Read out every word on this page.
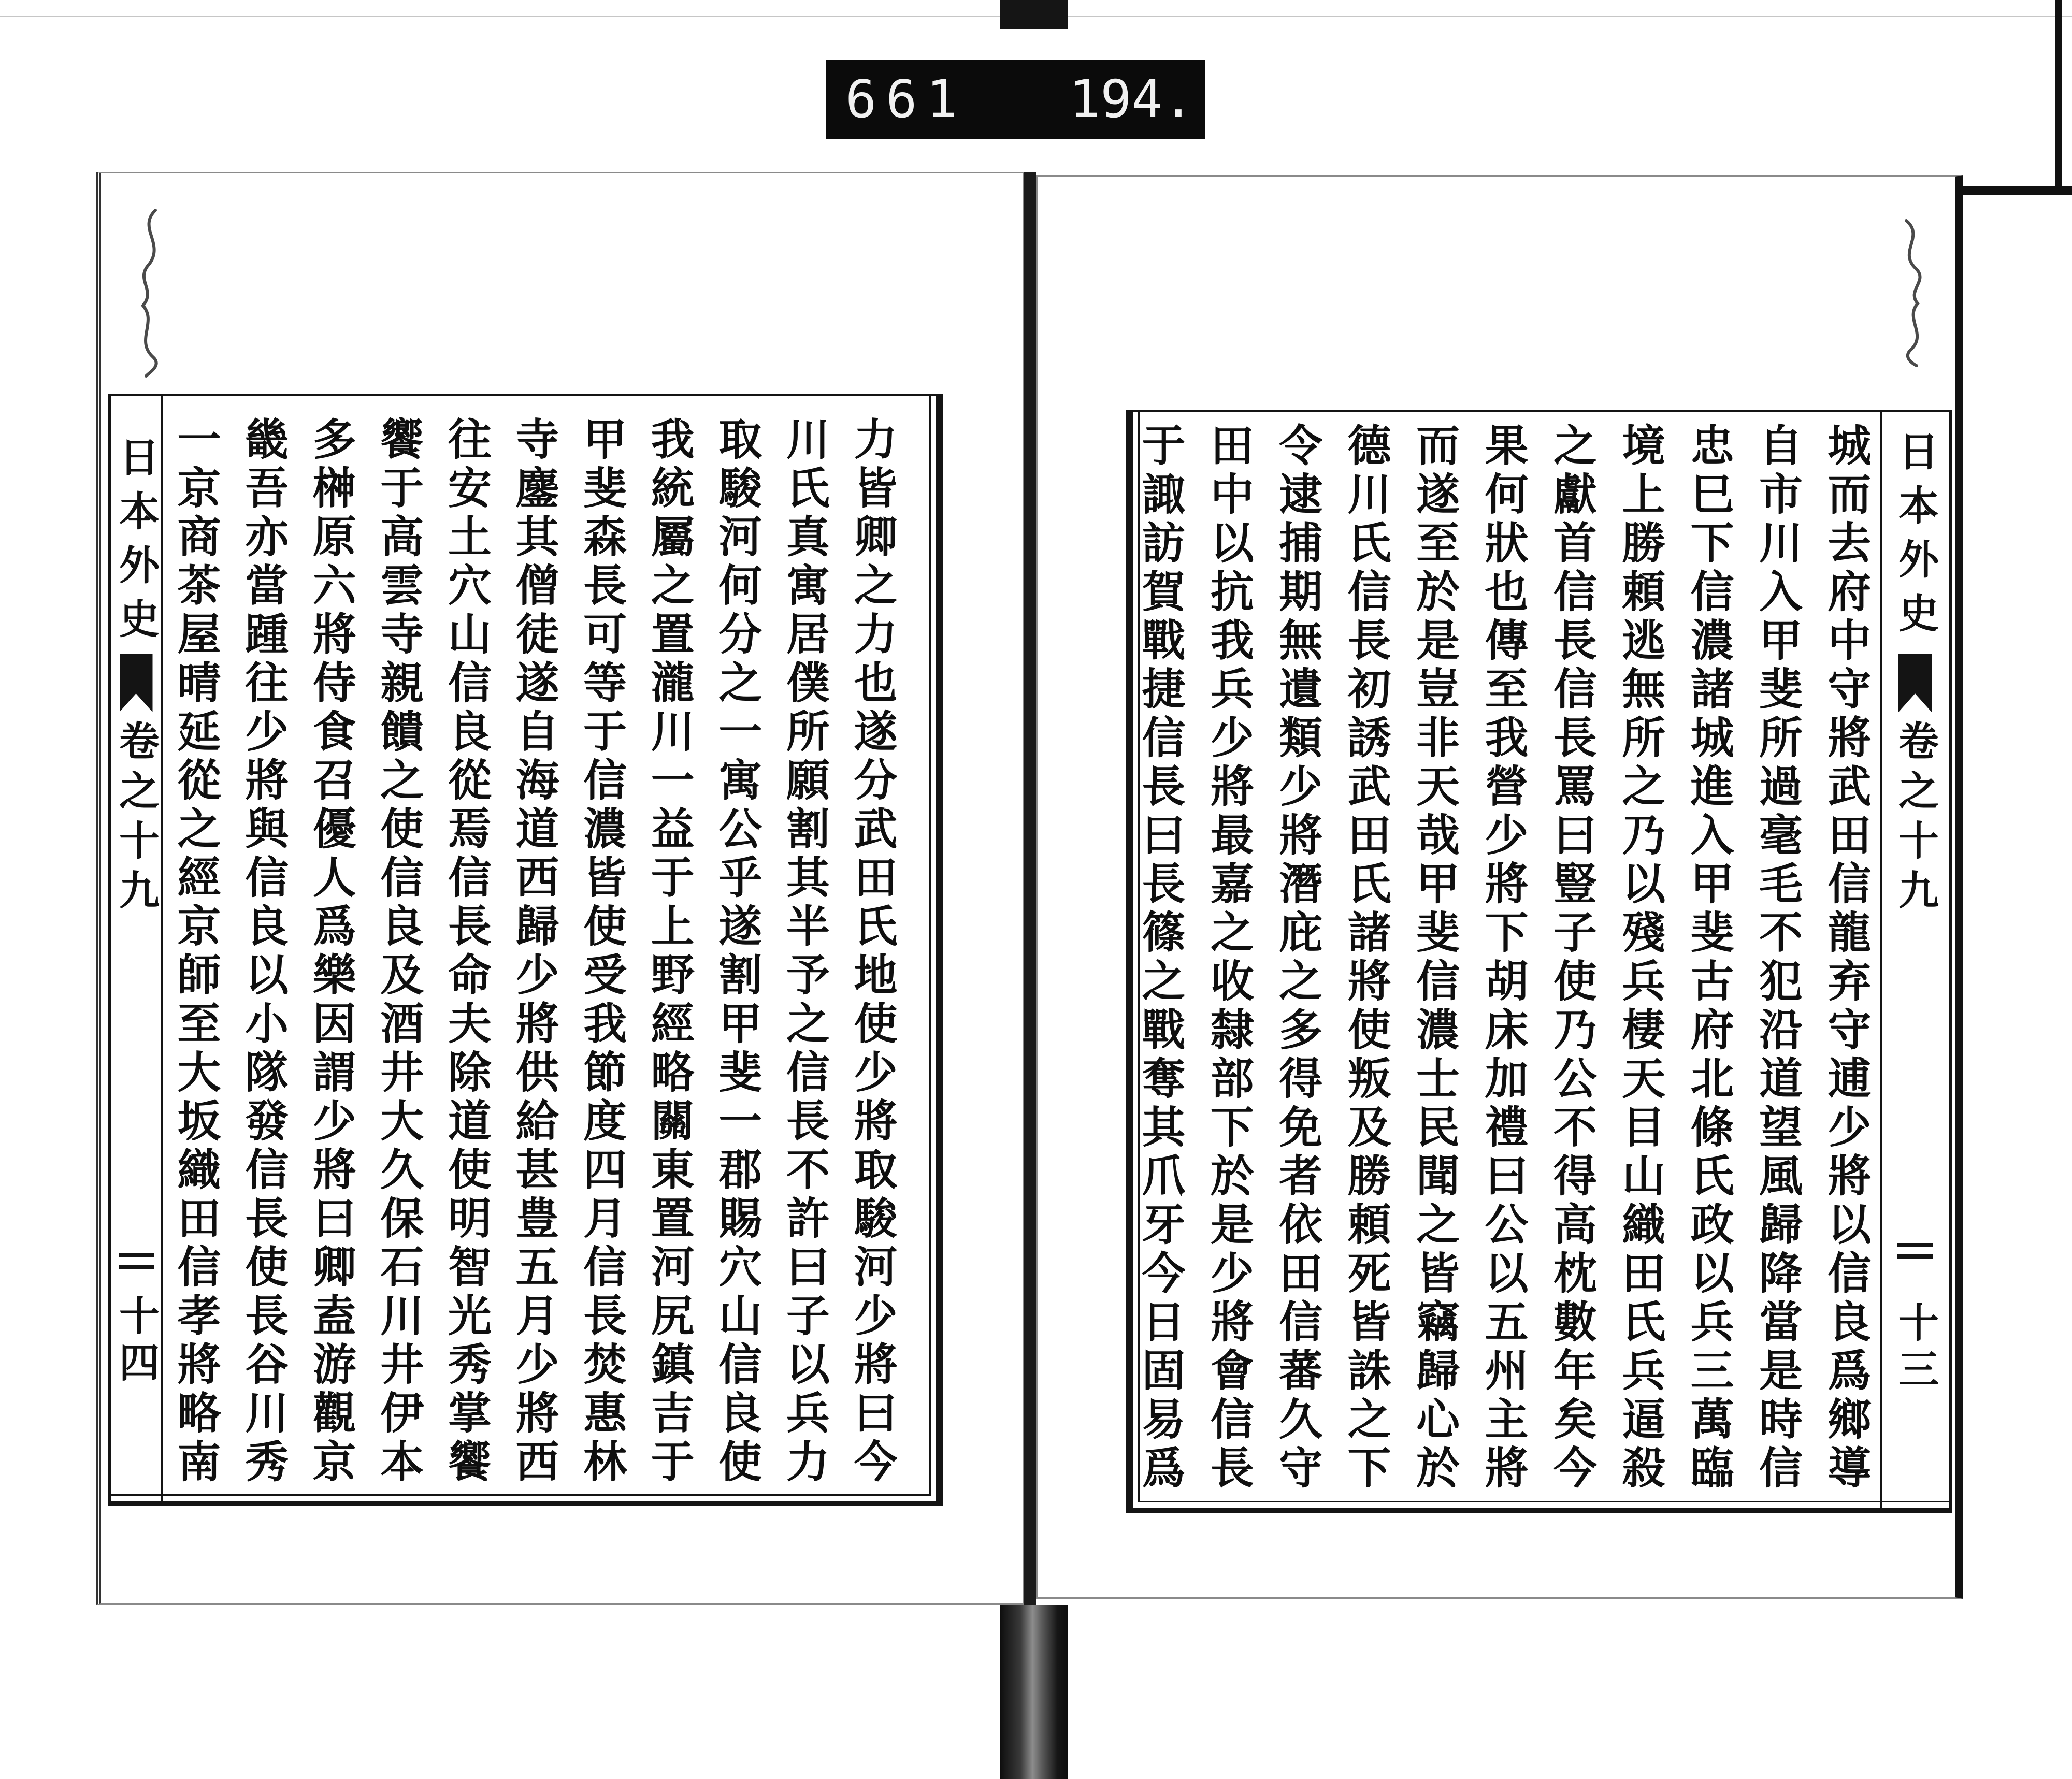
661 194.
日本外史
卷之十九
十四	力皆卿之力也遂分武田氏地使少將取駿河少將曰今
川氏真寓居僕所願割其半予之信長不許曰子以兵力
取駿河何分之一寓公乎遂割甲斐一郡賜穴山信良使
我統屬之置瀧川一益于上野經略關東置河尻鎮吉于
甲斐森長可等于信濃皆使受我節度四月信長焚惠林
寺鏖其僧徒遂自海道西歸少將供給甚豊五月少將西
往安土穴山信良從焉信長命夫除道使明智光秀掌饗
饗于高雲寺親饋之使信良及酒井大久保石川井伊本
多榊原六將侍食召優人爲樂因謂少將曰卿盍游觀京
畿吾亦當踵往少將與信良以小隊發信長使長谷川秀
一京商茶屋晴延從之經京師至大坂織田信孝將略南	日本外史
卷之十九
十三
城而去府中守將武田信龍弃守逋少將以信良爲鄉導
自市川入甲斐所過毫毛不犯沿道望風歸降當是時信
忠巳下信濃諸城進入甲斐古府北條氏政以兵三萬臨
境上勝頼逃無所之乃以殘兵棲天目山織田氏兵逼殺
之獻首信長信長罵曰豎子使乃公不得高枕數年矣今
果何狀也傳至我營少將下胡床加禮曰公以五州主將
而遂至於是豈非天哉甲斐信濃士民聞之皆竊歸心於
德川氏信長初誘武田氏諸將使叛及勝頼死皆誅之下
令逮捕期無遺類少將潛庇之多得免者依田信蕃久守
田中以抗我兵少將最嘉之收隸部下於是少將會信長
于諏訪賀戰捷信長曰長篠之戰奪其爪牙今日固易爲
